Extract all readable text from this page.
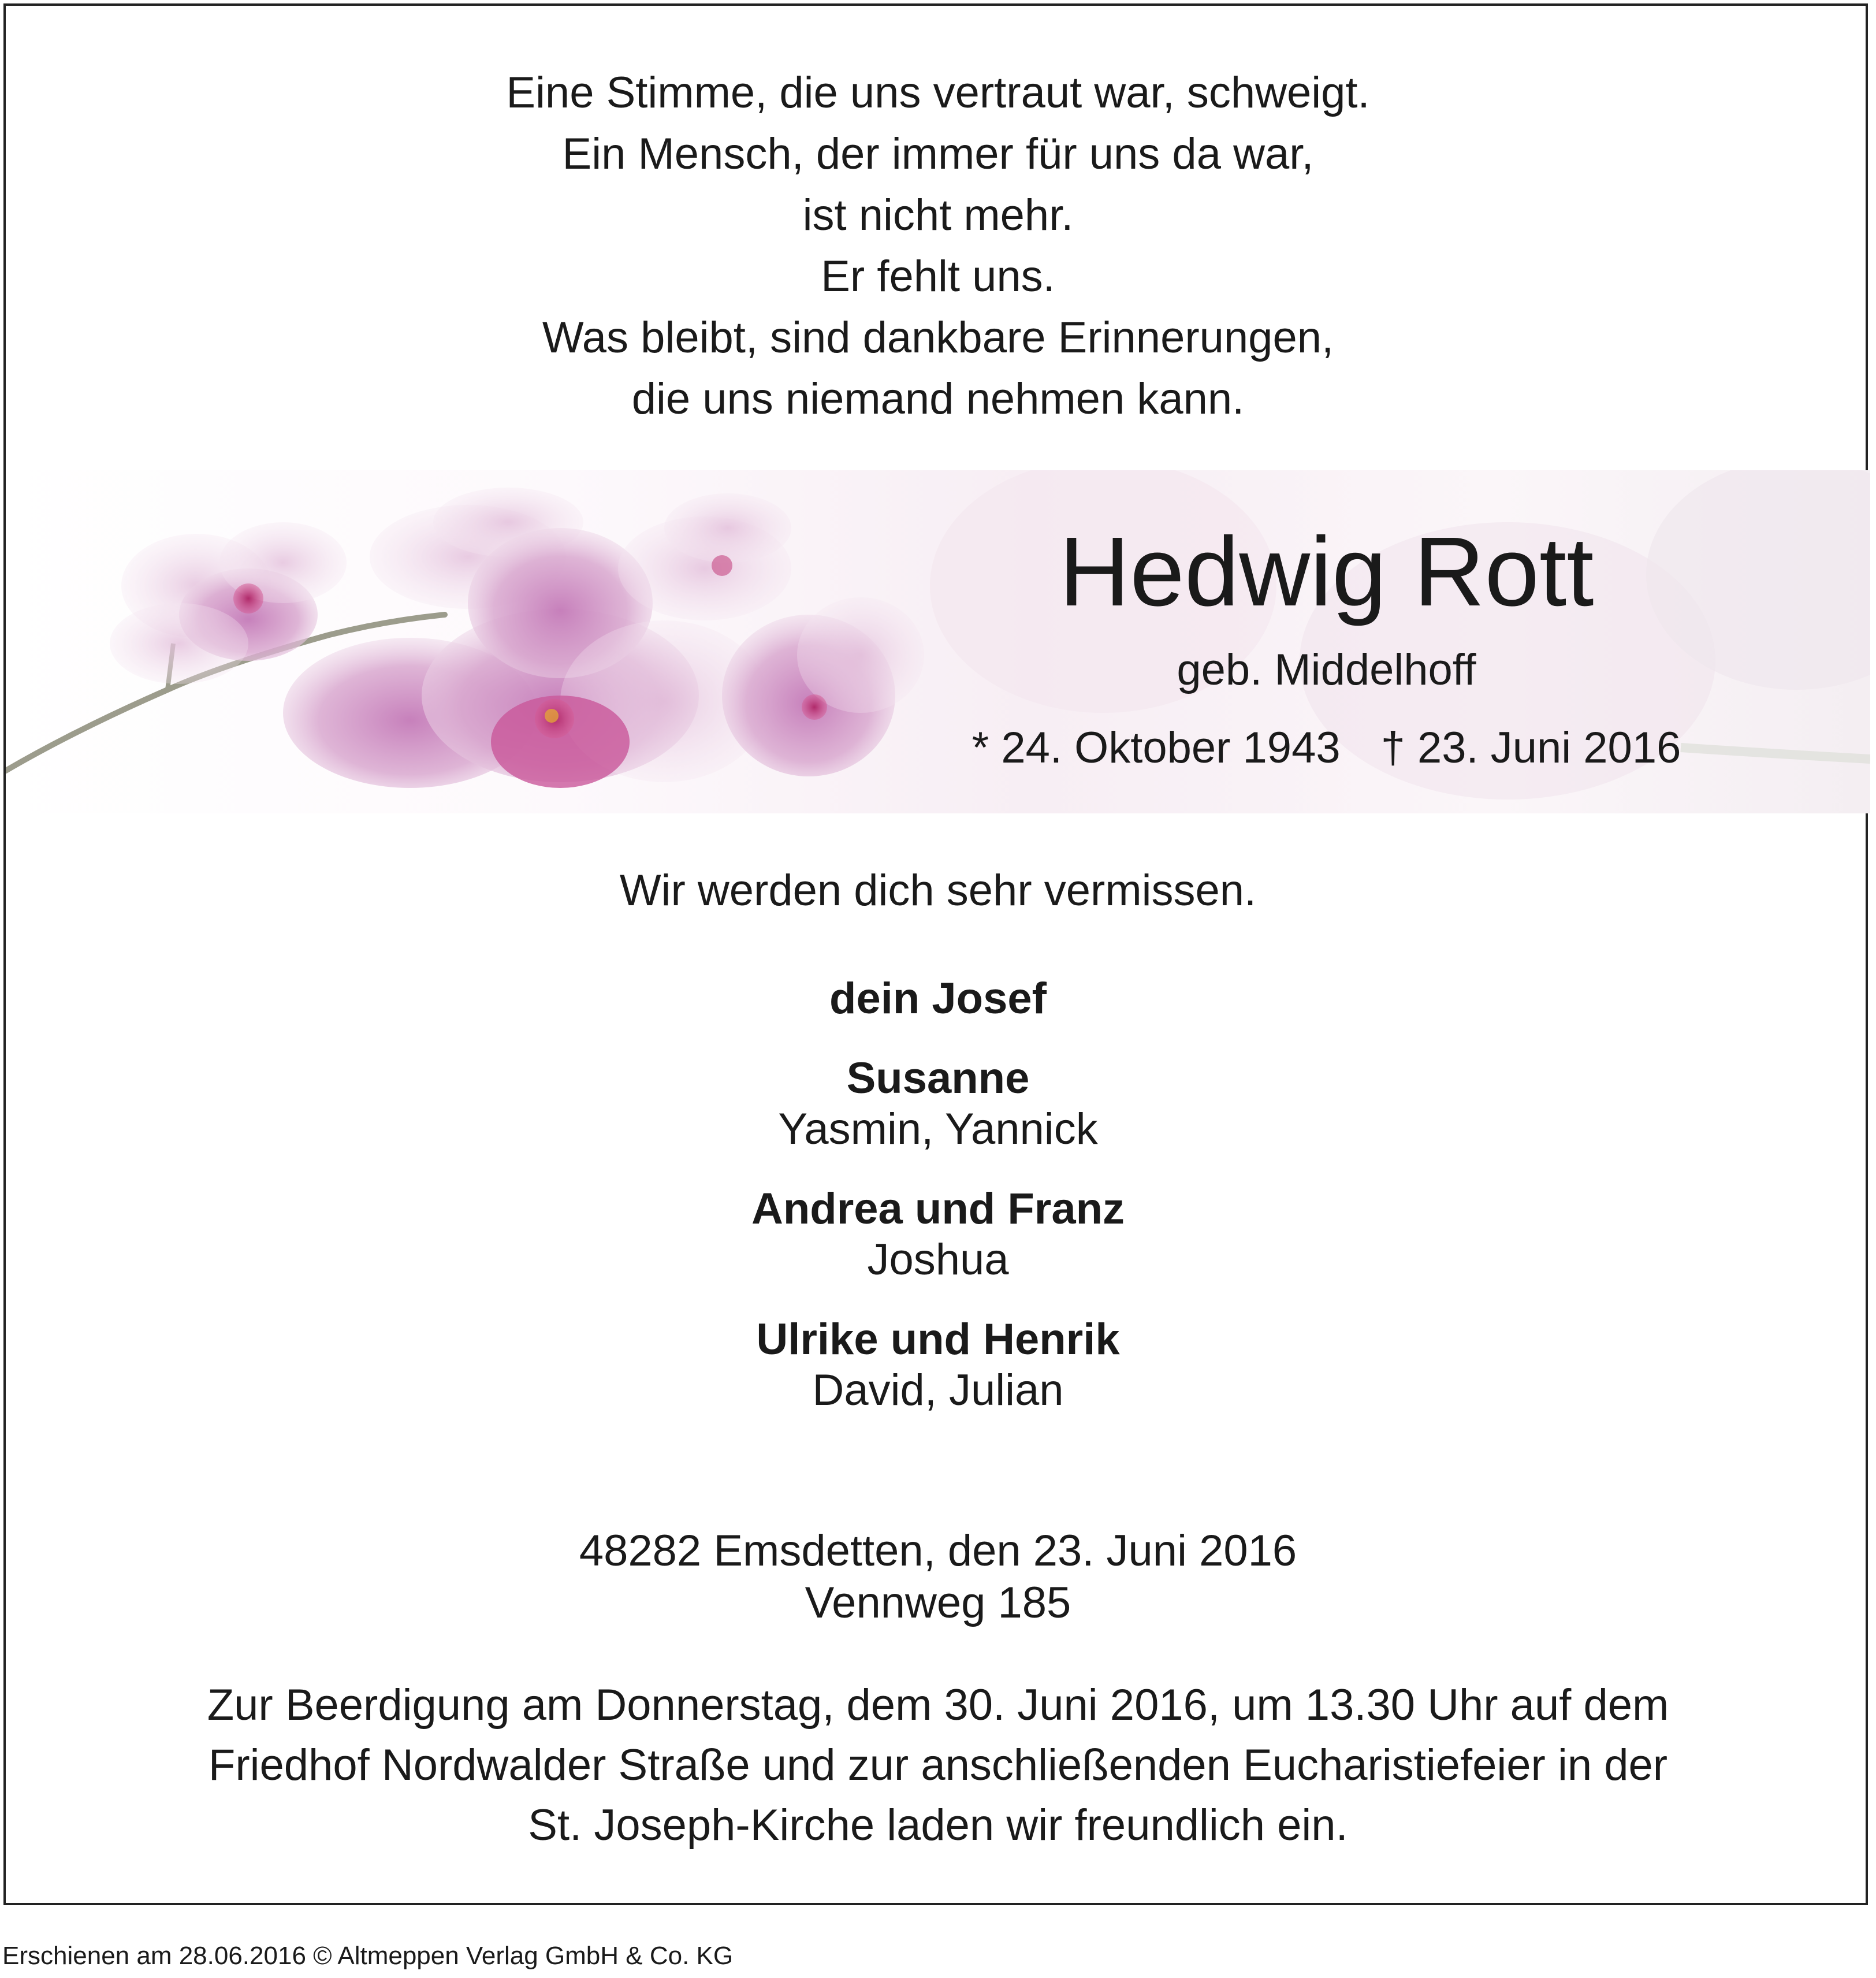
Eine Stimme, die uns vertraut war, schweigt.
Ein Mensch, der immer für uns da war,
ist nicht mehr.
Er fehlt uns.
Was bleibt, sind dankbare Erinnerungen,
die uns niemand nehmen kann.
Hedwig Rott
geb. Middelhoff
* 24. Oktober 1943 † 23. Juni 2016
Wir werden dich sehr vermissen.
dein Josef
Susanne
Yasmin, Yannick
Andrea und Franz
Joshua
Ulrike und Henrik
David, Julian
48282 Emsdetten, den 23. Juni 2016
Vennweg 185
Zur Beerdigung am Donnerstag, dem 30. Juni 2016, um 13.30 Uhr auf dem
Friedhof Nordwalder Straße und zur anschließenden Eucharistiefeier in der
St. Joseph-Kirche laden wir freundlich ein.
Erschienen am 28.06.2016 © Altmeppen Verlag GmbH & Co. KG
